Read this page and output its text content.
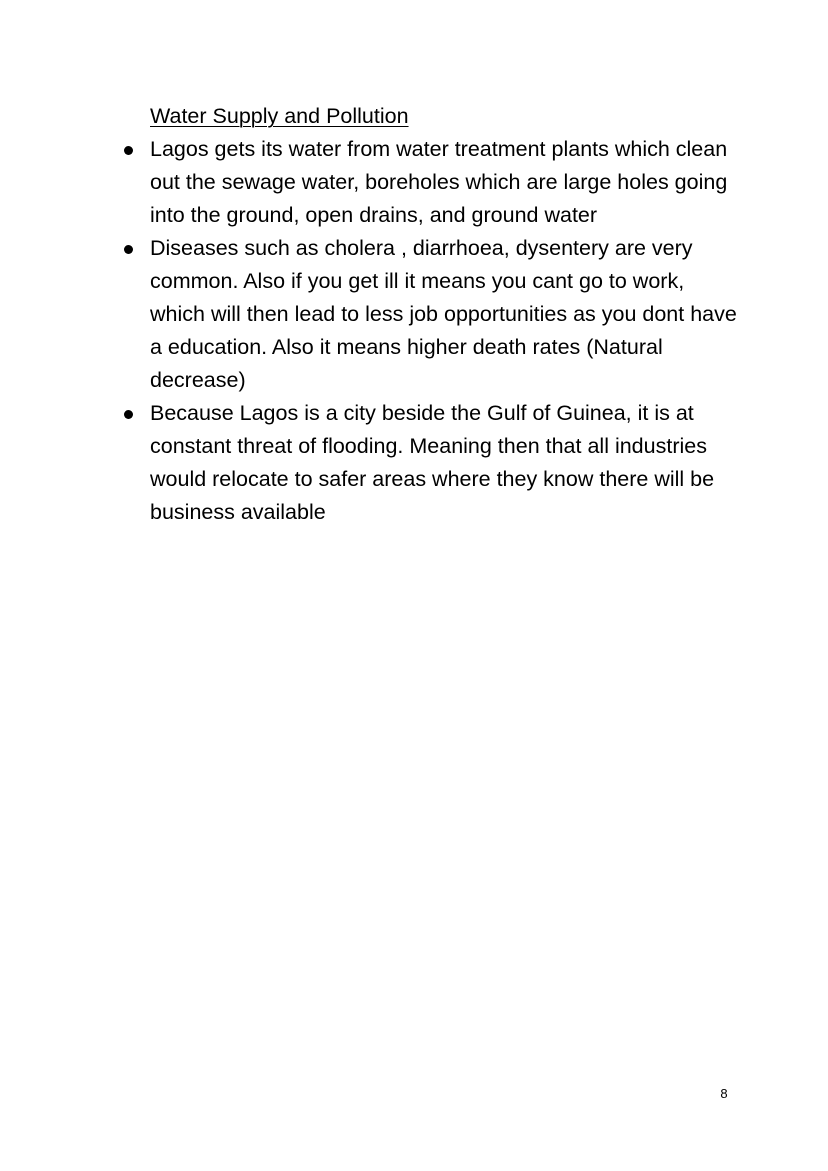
Water Supply and Pollution
Lagos gets its water from water treatment plants which clean out the sewage water, boreholes which are large holes going into the ground, open drains, and ground water
Diseases such as cholera , diarrhoea, dysentery are very common. Also if you get ill it means you cant go to work, which will then lead to less job opportunities as you dont have a education. Also it means higher death rates (Natural decrease)
Because Lagos is a city beside the Gulf of Guinea, it is at constant threat of flooding. Meaning then that all industries would relocate to safer areas where they know there will be business available
8
